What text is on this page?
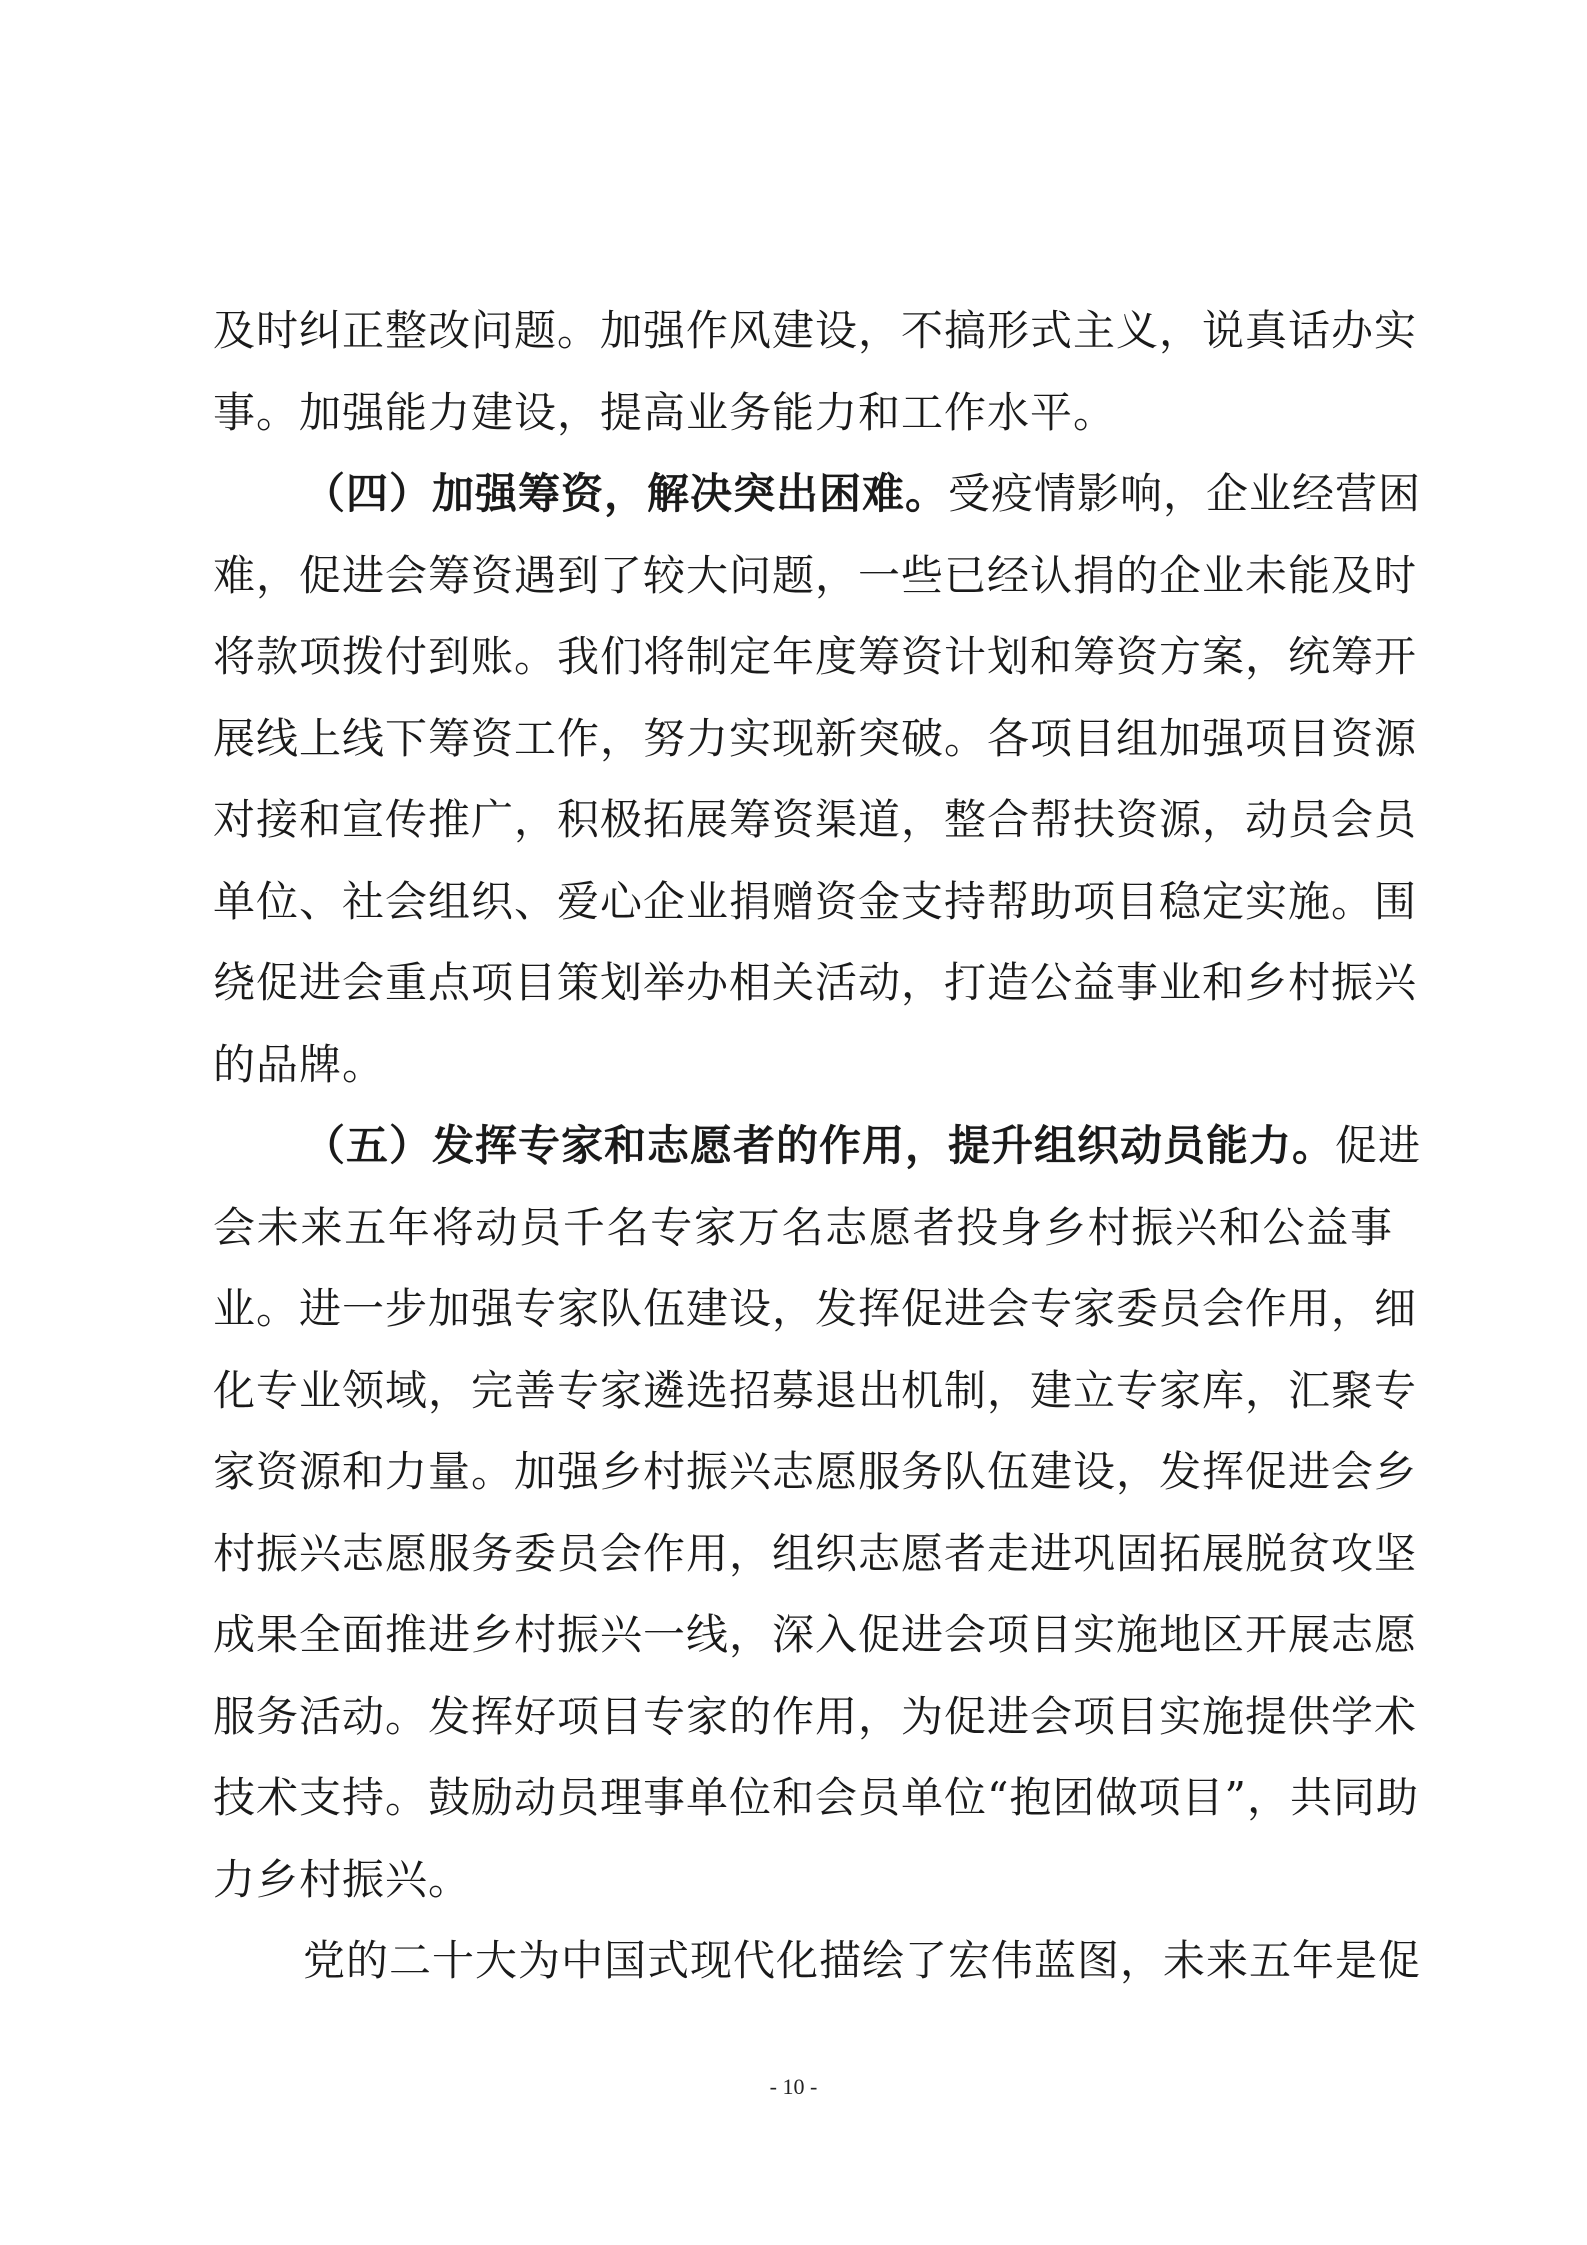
及时纠正整改问题。加强作风建设，不搞形式主义，说真话办实
事。加强能力建设，提高业务能力和工作水平。
（四）加强筹资，解决突出困难。受疫情影响，企业经营困
难，促进会筹资遇到了较大问题，一些已经认捐的企业未能及时
将款项拨付到账。我们将制定年度筹资计划和筹资方案，统筹开
展线上线下筹资工作，努力实现新突破。各项目组加强项目资源
对接和宣传推广，积极拓展筹资渠道，整合帮扶资源，动员会员
单位、社会组织、爱心企业捐赠资金支持帮助项目稳定实施。围
绕促进会重点项目策划举办相关活动，打造公益事业和乡村振兴
的品牌。
（五）发挥专家和志愿者的作用，提升组织动员能力。促进
会未来五年将动员千名专家万名志愿者投身乡村振兴和公益事
业。进一步加强专家队伍建设，发挥促进会专家委员会作用，细
化专业领域，完善专家遴选招募退出机制，建立专家库，汇聚专
家资源和力量。加强乡村振兴志愿服务队伍建设，发挥促进会乡
村振兴志愿服务委员会作用，组织志愿者走进巩固拓展脱贫攻坚
成果全面推进乡村振兴一线，深入促进会项目实施地区开展志愿
服务活动。发挥好项目专家的作用，为促进会项目实施提供学术
技术支持。鼓励动员理事单位和会员单位“抱团做项目”，共同助
力乡村振兴。
党的二十大为中国式现代化描绘了宏伟蓝图，未来五年是促
- 10 -
